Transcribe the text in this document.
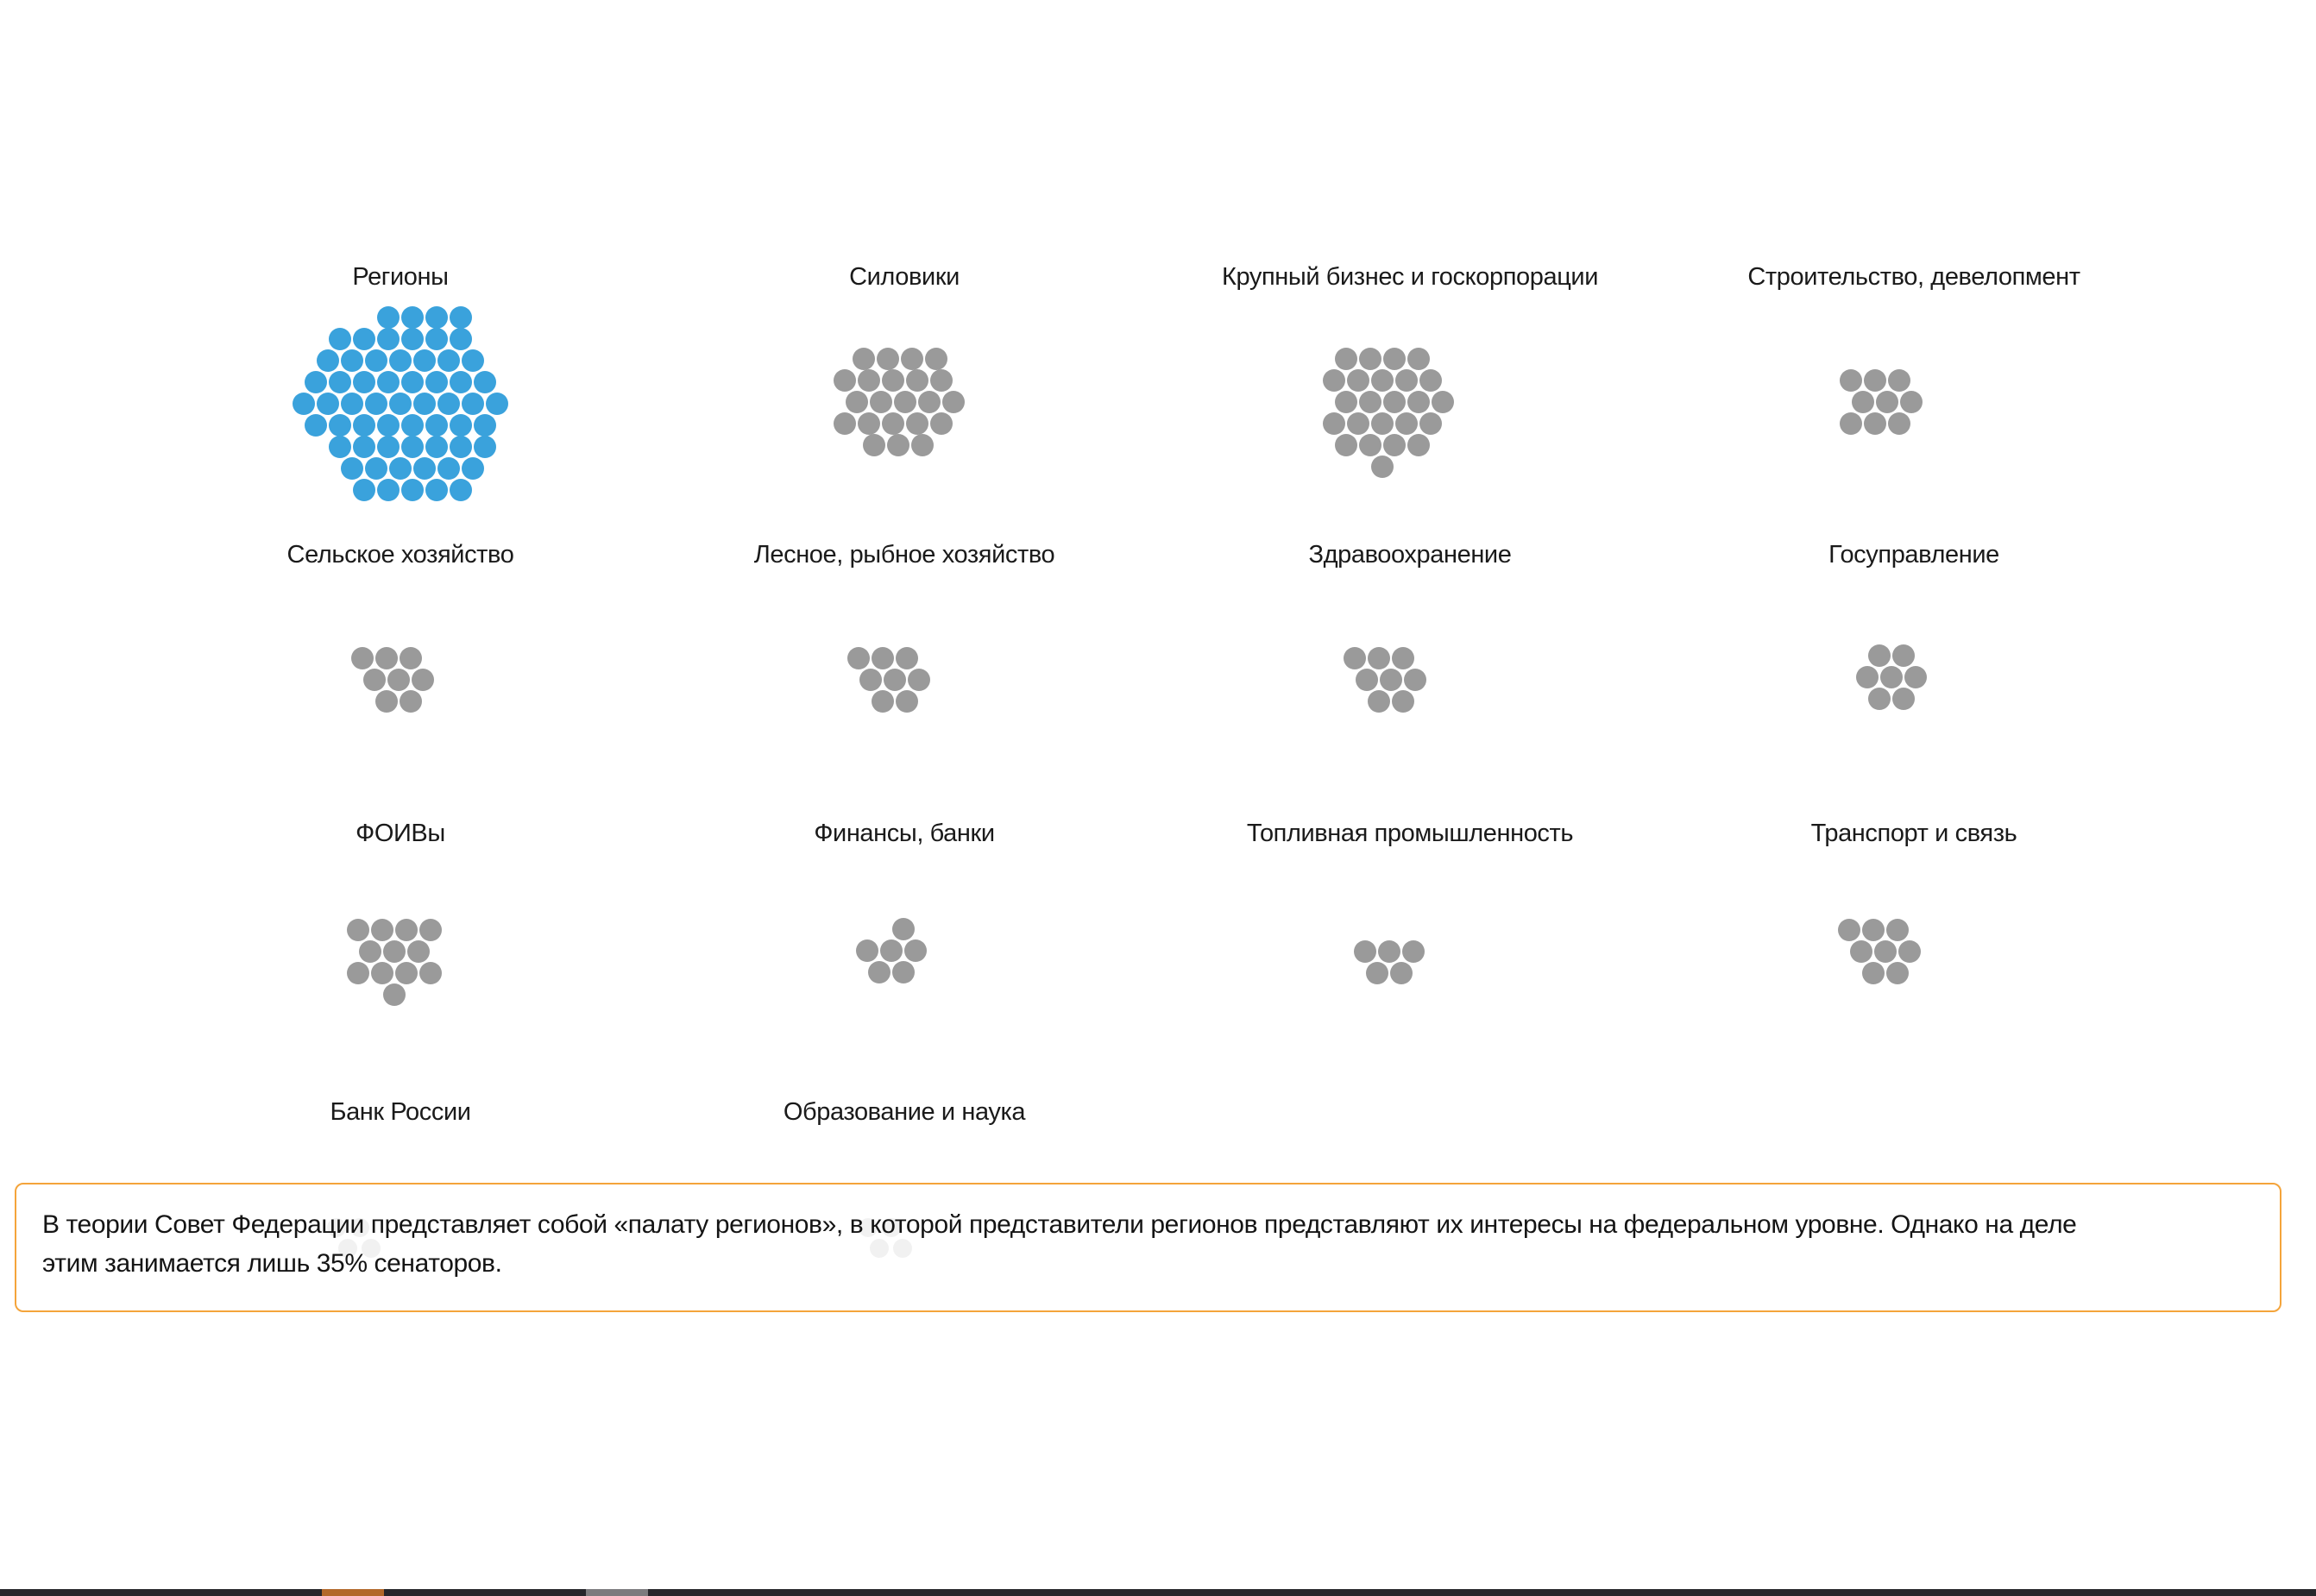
Регионы	Силовики	Крупный бизнес и госкорпорации	Строительство, девелопмент
Сельское хозяйство	Лесное, рыбное хозяйство	Здравоохранение	Госуправление
ФОИВы	Финансы, банки	Топливная промышленность	Транспорт и связь
Банк России	Образование и наука

В теории Совет Федерации представляет собой «палату регионов», в которой представители регионов представляют их интересы на федеральном уровне. Однако на деле
этим занимается лишь 35% сенаторов.
